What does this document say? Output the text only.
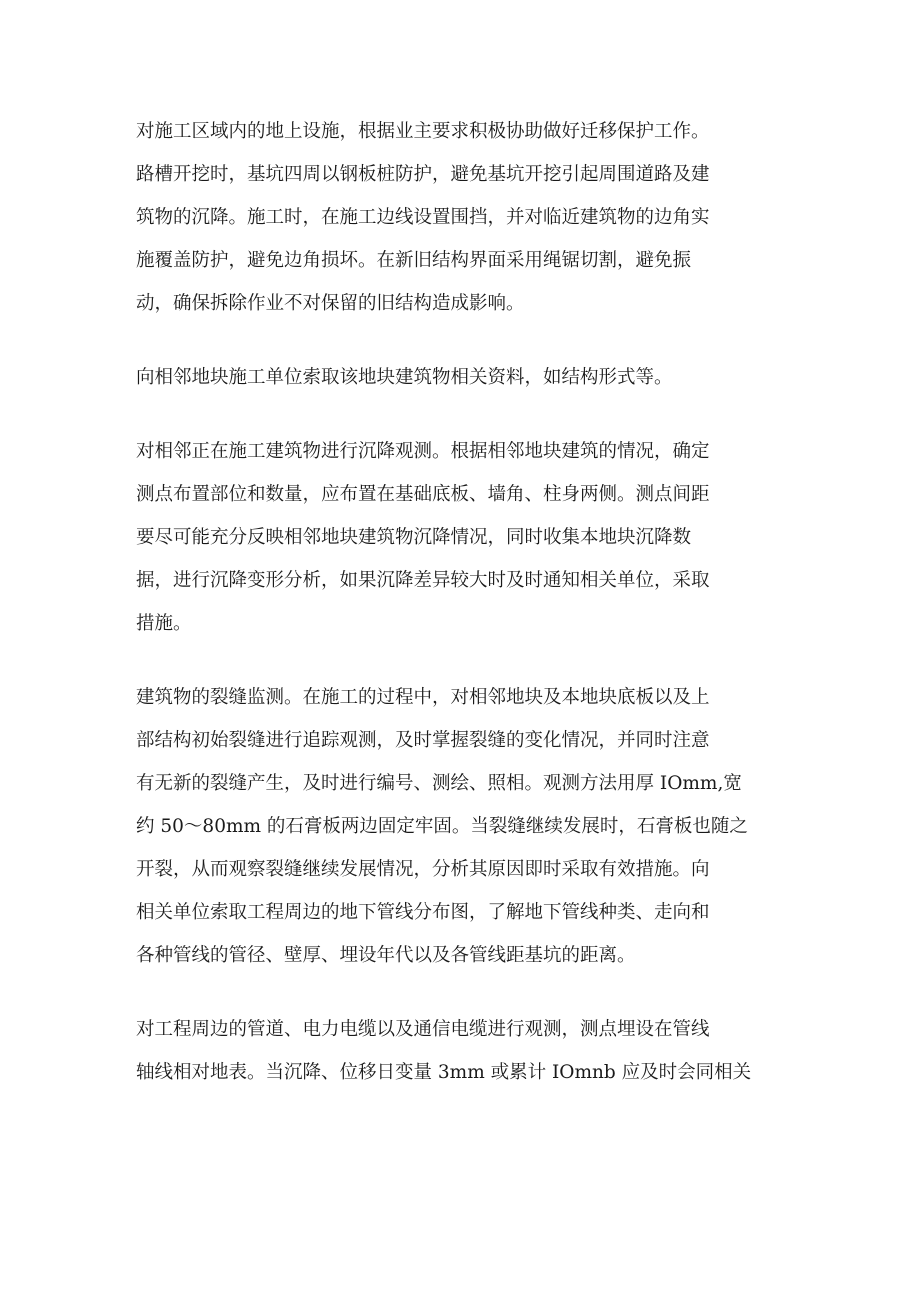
对施工区域内的地上设施，根据业主要求积极协助做好迁移保护工作。
路槽开挖时，基坑四周以钢板桩防护，避免基坑开挖引起周围道路及建
筑物的沉降。施工时，在施工边线设置围挡，并对临近建筑物的边角实
施覆盖防护，避免边角损坏。在新旧结构界面采用绳锯切割，避免振
动，确保拆除作业不对保留的旧结构造成影响。
向相邻地块施工单位索取该地块建筑物相关资料，如结构形式等。
对相邻正在施工建筑物进行沉降观测。根据相邻地块建筑的情况，确定
测点布置部位和数量，应布置在基础底板、墙角、柱身两侧。测点间距
要尽可能充分反映相邻地块建筑物沉降情况，同时收集本地块沉降数
据，进行沉降变形分析，如果沉降差异较大时及时通知相关单位，采取
措施。
建筑物的裂缝监测。在施工的过程中，对相邻地块及本地块底板以及上
部结构初始裂缝进行追踪观测，及时掌握裂缝的变化情况，并同时注意
有无新的裂缝产生，及时进行编号、测绘、照相。观测方法用厚 IOmm,宽
约 50～80mm 的石膏板两边固定牢固。当裂缝继续发展时，石膏板也随之
开裂，从而观察裂缝继续发展情况，分析其原因即时采取有效措施。向
相关单位索取工程周边的地下管线分布图，了解地下管线种类、走向和
各种管线的管径、壁厚、埋设年代以及各管线距基坑的距离。
对工程周边的管道、电力电缆以及通信电缆进行观测，测点埋设在管线
轴线相对地表。当沉降、位移日变量 3mm 或累计 IOmnb 应及时会同相关
